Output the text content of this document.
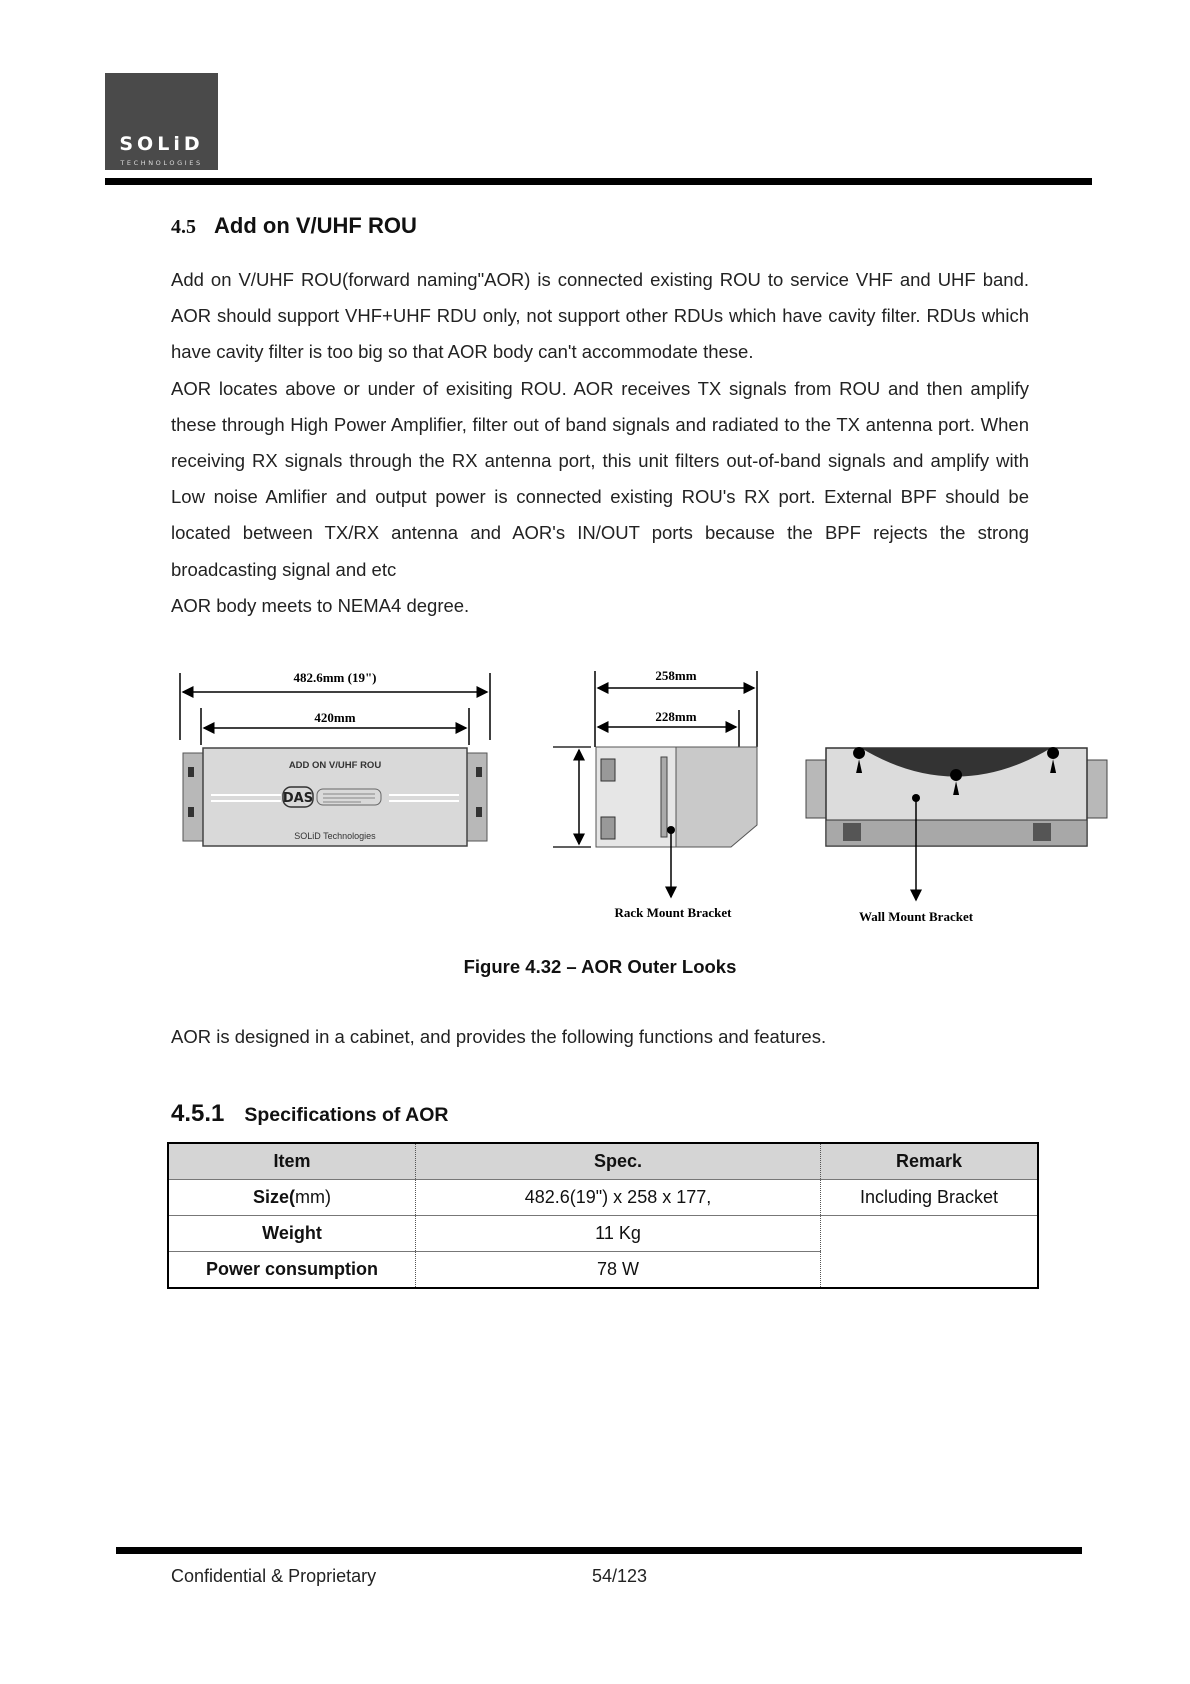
SOLiD
TECHNOLOGIES
4.5 Add on V/UHF ROU

Add on V/UHF ROU(forward naming"AOR) is connected existing ROU to service VHF and UHF band. AOR should support VHF+UHF RDU only, not support other RDUs which have cavity filter. RDUs which have cavity filter is too big so that AOR body can't accommodate these.

AOR locates above or under of exisiting ROU. AOR receives TX signals from ROU and then amplify these through High Power Amplifier, filter out of band signals and radiated to the TX antenna port. When receiving RX signals through the RX antenna port, this unit filters out-of-band signals and amplify with Low noise Amlifier and output power is connected existing ROU's RX port. External BPF should be located between TX/RX antenna and AOR's IN/OUT ports because the BPF rejects the strong broadcasting signal and etc

AOR body meets to NEMA4 degree.

482.6mm (19")
420mm
ADD ON V/UHF ROU
DAS
SOLiD Technologies
258mm
228mm
Rack Mount Bracket	Wall Mount Bracket
Figure 4.32 – AOR Outer Looks
AOR is designed in a cabinet, and provides the following functions and features.
4.5.1 Specifications of AOR
Item	Spec.	Remark
Size(mm)	482.6(19") x 258 x 177,	Including Bracket
Weight	11 Kg	
Power consumption	78 W	
Confidential & Proprietary	54/123
